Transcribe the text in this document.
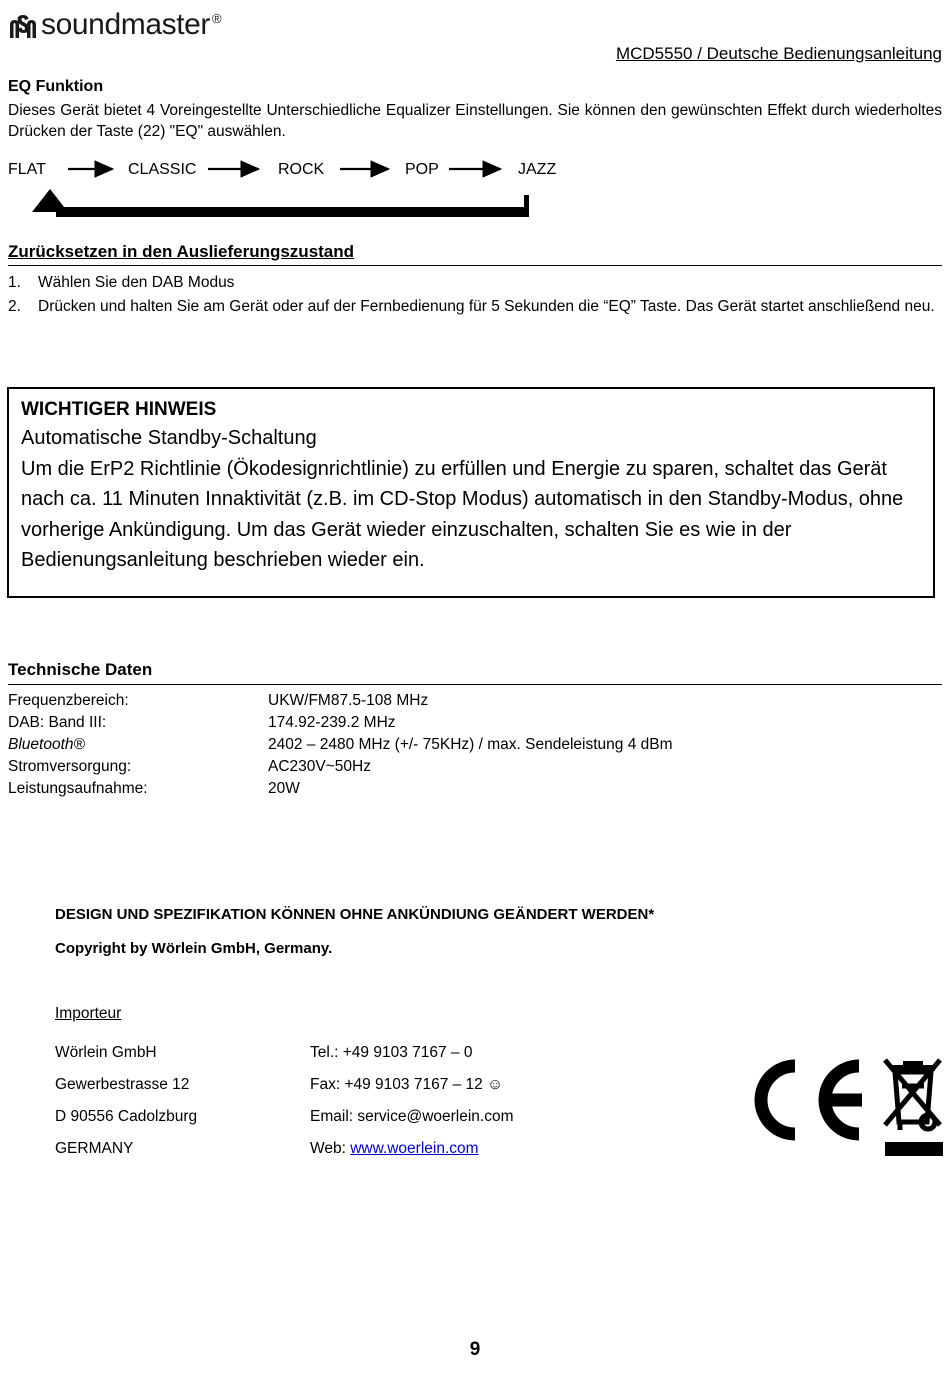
soundmaster ®
MCD5550 / Deutsche Bedienungsanleitung
EQ Funktion
Dieses Gerät bietet 4 Voreingestellte Unterschiedliche Equalizer Einstellungen. Sie können den gewünschten Effekt durch wiederholtes Drücken der Taste (22) "EQ" auswählen.
FLAT	CLASSIC	ROCK	POP	JAZZ
Zurücksetzen in den Auslieferungszustand
1.	Wählen Sie den DAB Modus
2.	Drücken und halten Sie am Gerät oder auf der Fernbedienung für 5 Sekunden die “EQ” Taste. Das Gerät startet anschließend neu.
WICHTIGER HINWEIS
Automatische Standby-Schaltung
Um die ErP2 Richtlinie (Ökodesignrichtlinie) zu erfüllen und Energie zu sparen, schaltet das Gerät nach ca. 11 Minuten Innaktivität (z.B. im CD-Stop Modus) automatisch in den Standby-Modus, ohne vorherige Ankündigung. Um das Gerät wieder einzuschalten, schalten Sie es wie in der Bedienungsanleitung beschrieben wieder ein.
Technische Daten
Frequenzbereich:	UKW/FM87.5-108 MHz
DAB: Band III:	174.92-239.2 MHz
Bluetooth®	2402 – 2480 MHz (+/- 75KHz) / max. Sendeleistung 4 dBm
Stromversorgung:	AC230V~50Hz
Leistungsaufnahme:	20W
DESIGN UND SPEZIFIKATION KÖNNEN OHNE ANKÜNDIUNG GEÄNDERT WERDEN*
Copyright by Wörlein GmbH, Germany.
Importeur
Wörlein GmbH	Tel.: +49 9103 7167 – 0
Gewerbestrasse 12	Fax: +49 9103 7167 – 12 ☺
D 90556 Cadolzburg	Email: service@woerlein.com
GERMANY	Web: www.woerlein.com
9
